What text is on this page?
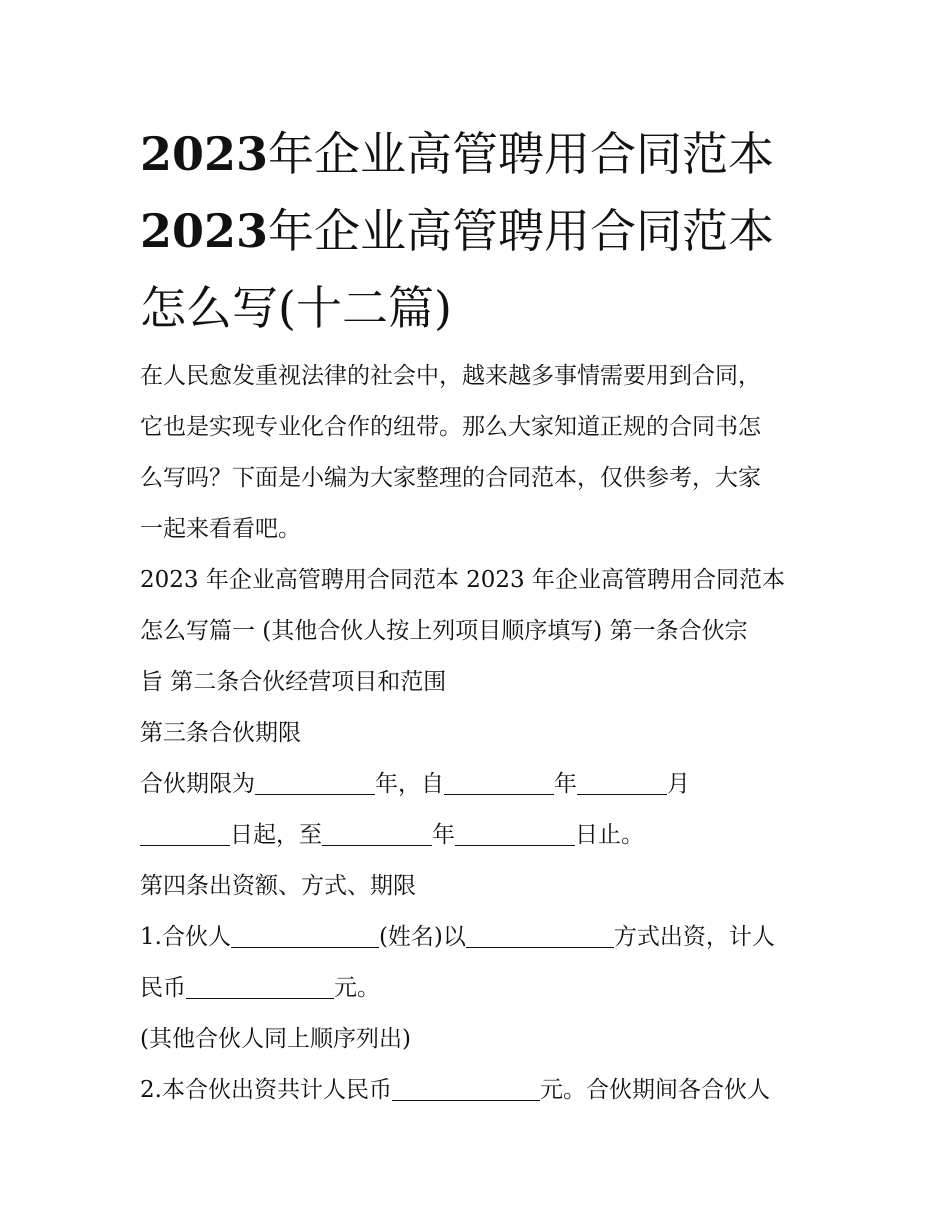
2023年企业高管聘用合同范本
2023年企业高管聘用合同范本
怎么写(十二篇)
在人民愈发重视法律的社会中，越来越多事情需要用到合同，
它也是实现专业化合作的纽带。那么大家知道正规的合同书怎
么写吗？下面是小编为大家整理的合同范本，仅供参考，大家
一起来看看吧。
2023 年企业高管聘用合同范本 2023 年企业高管聘用合同范本
怎么写篇一 (其他合伙人按上列项目顺序填写) 第一条合伙宗
旨 第二条合伙经营项目和范围
第三条合伙期限
合伙期限为	年，自	年	月
日起，至	年	日止。
第四条出资额、方式、期限
1.合伙人	(姓名)以	方式出资，计人
民币	元。
(其他合伙人同上顺序列出)
2.本合伙出资共计人民币	元。合伙期间各合伙人
